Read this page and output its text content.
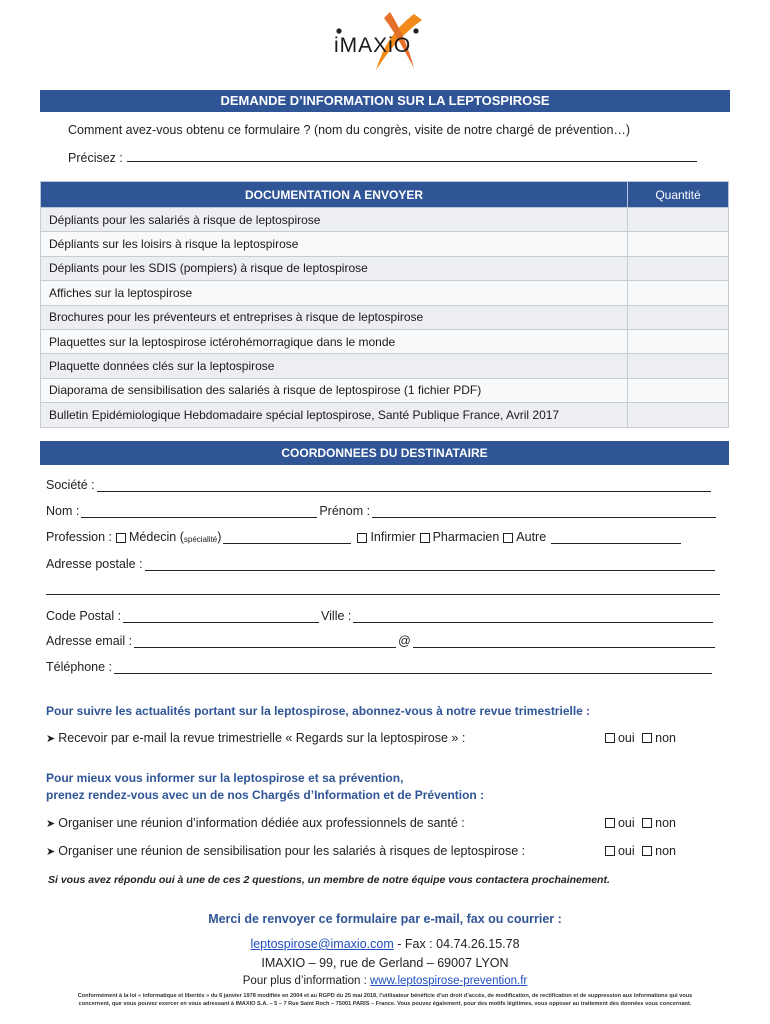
iMAXiO
DEMANDE D’INFORMATION SUR LA LEPTOSPIROSE
Comment avez-vous obtenu ce formulaire ? (nom du congrès, visite de notre chargé de prévention…)
Précisez :
DOCUMENTATION A ENVOYER	Quantité
Dépliants pour les salariés à risque de leptospirose	
Dépliants sur les loisirs à risque la leptospirose	
Dépliants pour les SDIS (pompiers) à risque de leptospirose	
Affiches sur la leptospirose	
Brochures pour les préventeurs et entreprises à risque de leptospirose	
Plaquettes sur la leptospirose ictérohémorragique dans le monde	
Plaquette données clés sur la leptospirose	
Diaporama de sensibilisation des salariés à risque de leptospirose (1 fichier PDF)	
Bulletin Epidémiologique Hebdomadaire spécial leptospirose, Santé Publique France, Avril 2017	
COORDONNEES DU DESTINATAIRE
Société :
Nom :	Prénom :
Profession : Médecin ( spécialité )	Infirmier Pharmacien Autre
Adresse postale :
Code Postal :	Ville :
Adresse email :	@
Téléphone :
Pour suivre les actualités portant sur la leptospirose, abonnez-vous à notre revue trimestrielle :
➤ Recevoir par e-mail la revue trimestrielle « Regards sur la leptospirose » :	oui non
Pour mieux vous informer sur la leptospirose et sa prévention,
prenez rendez-vous avec un de nos Chargés d’Information et de Prévention :
➤ Organiser une réunion d’information dédiée aux professionnels de santé :	oui non
➤ Organiser une réunion de sensibilisation pour les salariés à risques de leptospirose :	oui non
Si vous avez répondu oui à une de ces 2 questions, un membre de notre équipe vous contactera prochainement.
Merci de renvoyer ce formulaire par e-mail, fax ou courrier :
leptospirose@imaxio.com - Fax : 04.74.26.15.78
IMAXIO – 99, rue de Gerland – 69007 LYON
Pour plus d’information : www.leptospirose-prevention.fr
Conformément à la loi « informatique et libertés » du 6 janvier 1978 modifiée en 2004 et au RGPD du 25 mai 2018, l’utilisateur bénéficie d’un droit d’accès, de modification, de rectification et de suppression aux informations qui vous
concernent, que vous pouvez exercer en vous adressant à IMAXIO S.A. – 5 – 7 Rue Saint Roch – 75001 PARIS – France. Vous pouvez également, pour des motifs légitimes, vous opposer au traitement des données vous concernant.
